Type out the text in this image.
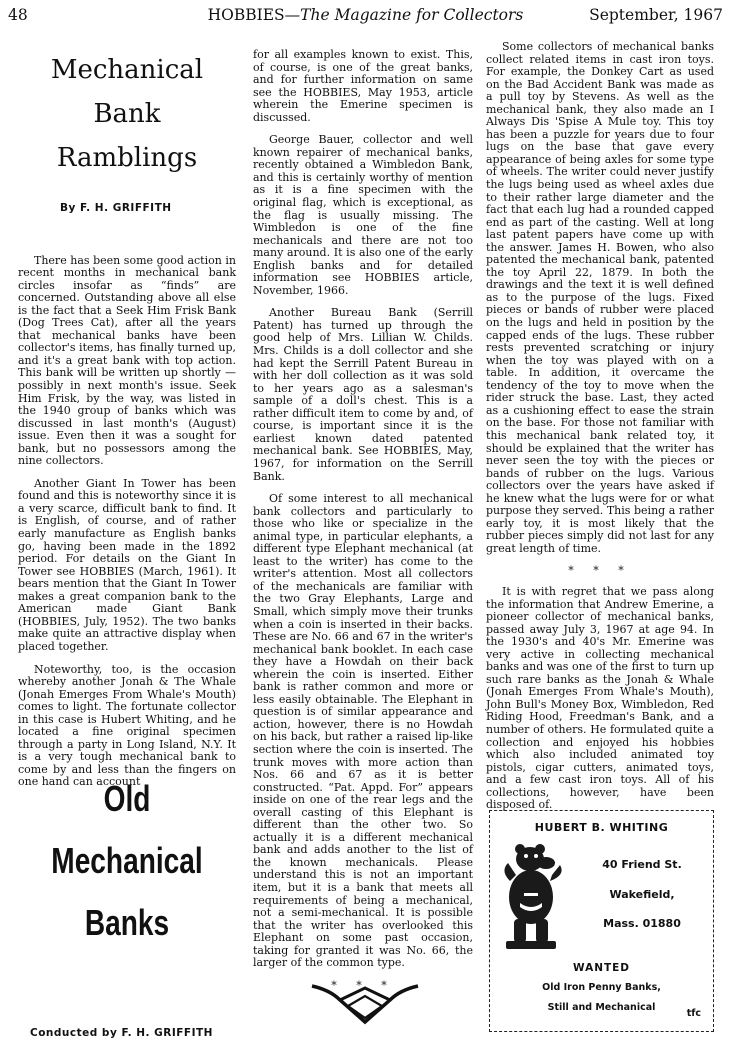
48	HOBBIES—The Magazine for Collectors	September, 1967
Mechanical
Bank
Ramblings
By F. H. GRIFFITH

There has been some good action in recent months in mechanical bank circles insofar as “finds” are concerned. Outstanding above all else is the fact that a Seek Him Frisk Bank (Dog Trees Cat), after all the years that mechanical banks have been collector's items, has finally turned up, and it's a great bank with top action. This bank will be written up shortly —possibly in next month's issue. Seek Him Frisk, by the way, was listed in the 1940 group of banks which was discussed in last month's (August) issue. Even then it was a sought for bank, but no possessors among the nine collectors.

Another Giant In Tower has been found and this is noteworthy since it is a very scarce, difficult bank to find. It is English, of course, and of rather early manufacture as English banks go, having been made in the 1892 period. For details on the Giant In Tower see HOBBIES (March, 1961). It bears mention that the Giant In Tower makes a great companion bank to the American made Giant Bank (HOBBIES, July, 1952). The two banks make quite an attractive display when placed together.

Noteworthy, too, is the occasion whereby another Jonah & The Whale (Jonah Emerges From Whale's Mouth) comes to light. The fortunate collector in this case is Hubert Whiting, and he located a fine original specimen through a party in Long Island, N.Y. It is a very tough mechanical bank to come by and less than the fingers on one hand can account

Old
Mechanical
Banks
Conducted by F. H. GRIFFITH

for all examples known to exist. This, of course, is one of the great banks, and for further information on same see the HOBBIES, May 1953, article wherein the Emerine specimen is discussed.

George Bauer, collector and well known repairer of mechanical banks, recently obtained a Wimbledon Bank, and this is certainly worthy of mention as it is a fine specimen with the original flag, which is exceptional, as the flag is usually missing. The Wimbledon is one of the fine mechanicals and there are not too many around. It is also one of the early English banks and for detailed information see HOBBIES article, November, 1966.

Another Bureau Bank (Serrill Patent) has turned up through the good help of Mrs. Lillian W. Childs. Mrs. Childs is a doll collector and she had kept the Serrill Patent Bureau in with her doll collection as it was sold to her years ago as a salesman's sample of a doll's chest. This is a rather difficult item to come by and, of course, is important since it is the earliest known dated patented mechanical bank. See HOBBIES, May, 1967, for information on the Serrill Bank.

Of some interest to all mechanical bank collectors and particularly to those who like or specialize in the animal type, in particular elephants, a different type Elephant mechanical (at least to the writer) has come to the writer's attention. Most all collectors of the mechanicals are familiar with the two Gray Elephants, Large and Small, which simply move their trunks when a coin is inserted in their backs. These are No. 66 and 67 in the writer's mechanical bank booklet. In each case they have a Howdah on their back wherein the coin is inserted. Either bank is rather common and more or less easily obtainable. The Elephant in question is of similar appearance and action, however, there is no Howdah on his back, but rather a raised lip-like section where the coin is inserted. The trunk moves with more action than Nos. 66 and 67 as it is better constructed. “Pat. Appd. For” appears inside on one of the rear legs and the overall casting of this Elephant is different than the other two. So actually it is a different mechanical bank and adds another to the list of the known mechanicals. Please understand this is not an important item, but it is a bank that meets all requirements of being a mechanical, not a semi-mechanical. It is possible that the writer has overlooked this Elephant on some past occasion, taking for granted it was No. 66, the larger of the common type.

* * *

Some collectors of mechanical banks collect related items in cast iron toys. For example, the Donkey Cart as used on the Bad Accident Bank was made as a pull toy by Stevens. As well as the mechanical bank, they also made an I Always Dis 'Spise A Mule toy. This toy has been a puzzle for years due to four lugs on the base that gave every appearance of being axles for some type of wheels. The writer could never justify the lugs being used as wheel axles due to their rather large diameter and the fact that each lug had a rounded capped end as part of the casting. Well at long last patent papers have come up with the answer. James H. Bowen, who also patented the mechanical bank, patented the toy April 22, 1879. In both the drawings and the text it is well defined as to the purpose of the lugs. Fixed pieces or bands of rubber were placed on the lugs and held in position by the capped ends of the lugs. These rubber rests prevented scratching or injury when the toy was played with on a table. In addition, it overcame the tendency of the toy to move when the rider struck the base. Last, they acted as a cushioning effect to ease the strain on the base. For those not familiar with this mechanical bank related toy, it should be explained that the writer has never seen the toy with the pieces or bands of rubber on the lugs. Various collectors over the years have asked if he knew what the lugs were for or what purpose they served. This being a rather early toy, it is most likely that the rubber pieces simply did not last for any great length of time.

* * *

It is with regret that we pass along the information that Andrew Emerine, a pioneer collector of mechanical banks, passed away July 3, 1967 at age 94. In the 1930's and 40's Mr. Emerine was very active in collecting mechanical banks and was one of the first to turn up such rare banks as the Jonah & Whale (Jonah Emerges From Whale's Mouth), John Bull's Money Box, Wimbledon, Red Riding Hood, Freedman's Bank, and a number of others. He formulated quite a collection and enjoyed his hobbies which also included animated toy pistols, cigar cutters, animated toys, and a few cast iron toys. All of his collections, however, have been disposed of.

HUBERT B. WHITING
40 Friend St.
Wakefield,
Mass. 01880
WANTED
Old Iron Penny Banks,
Still and Mechanical
tfc
